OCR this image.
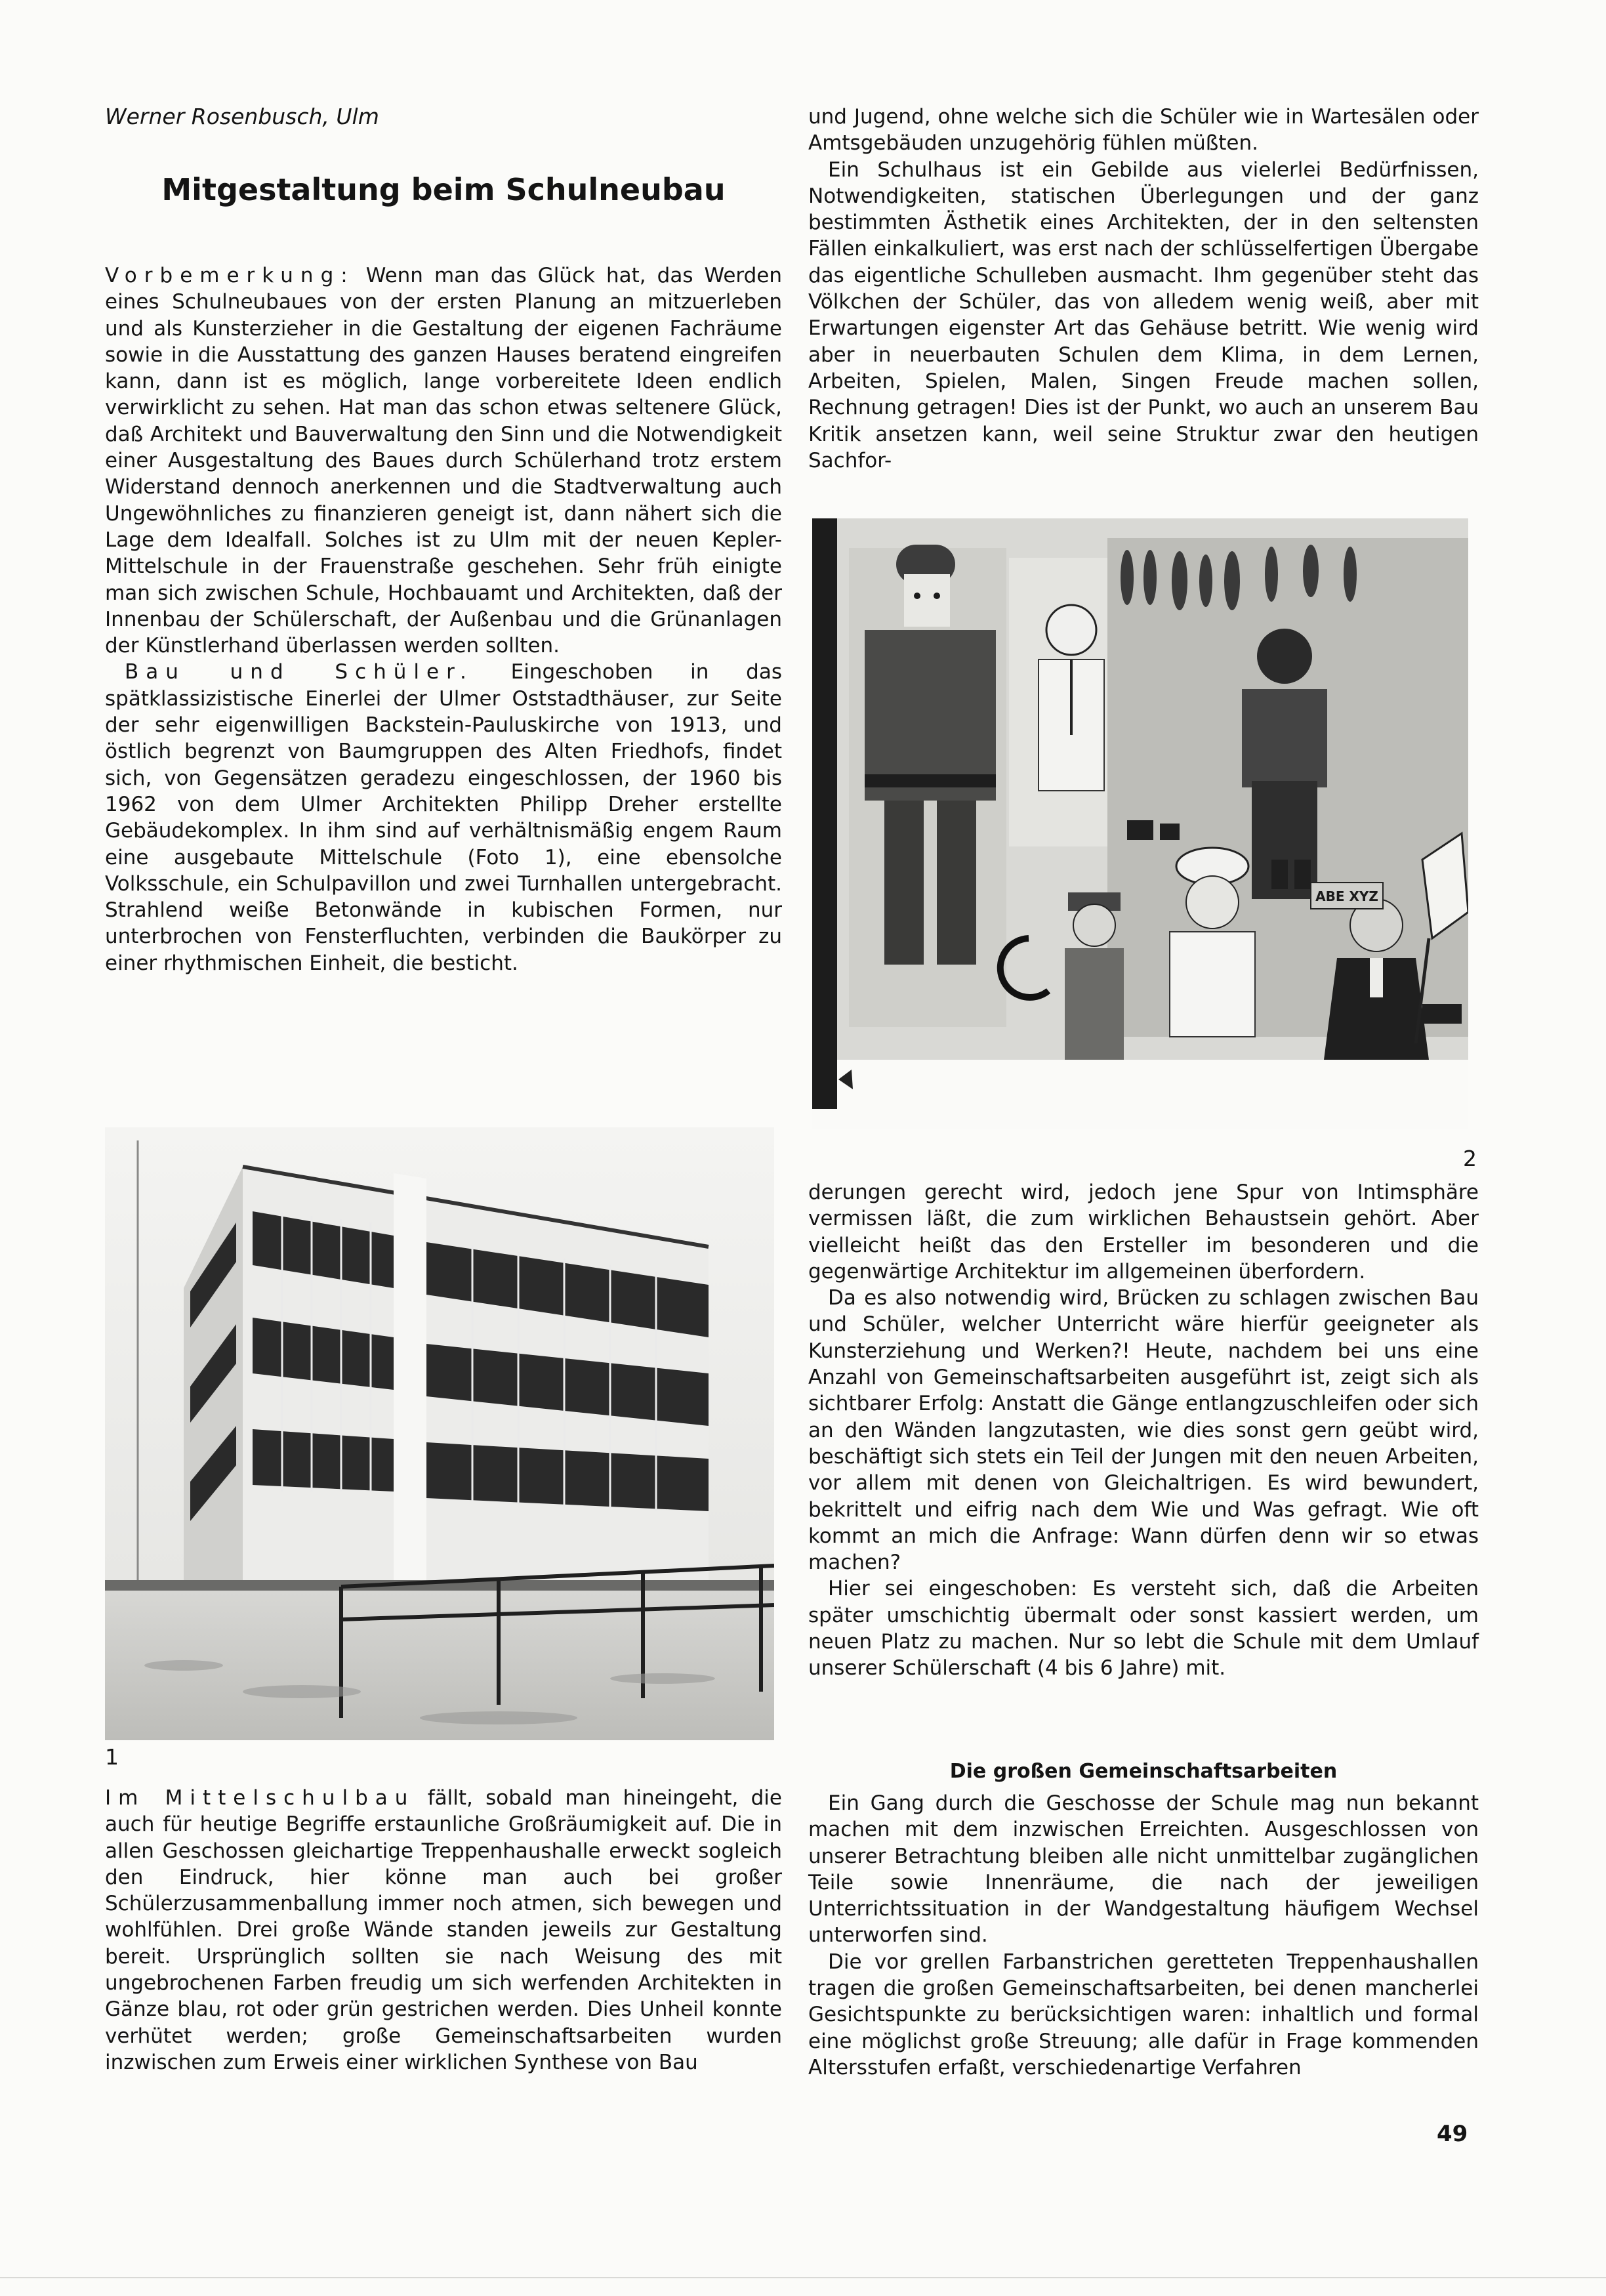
Werner Rosenbusch, Ulm
Mitgestaltung beim Schulneubau

Vorbemerkung: Wenn man das Glück hat, das Werden eines Schulneubaues von der ersten Planung an mitzuerleben und als Kunsterzieher in die Gestaltung der eigenen Fachräume sowie in die Ausstattung des ganzen Hauses beratend eingreifen kann, dann ist es möglich, lange vorbereitete Ideen endlich verwirklicht zu sehen. Hat man das schon etwas seltenere Glück, daß Architekt und Bauverwaltung den Sinn und die Notwendigkeit einer Ausgestaltung des Baues durch Schülerhand trotz erstem Widerstand dennoch anerkennen und die Stadtverwaltung auch Ungewöhnliches zu finanzieren geneigt ist, dann nähert sich die Lage dem Idealfall. Solches ist zu Ulm mit der neuen Kepler-Mittelschule in der Frauenstraße geschehen. Sehr früh einigte man sich zwischen Schule, Hochbauamt und Architekten, daß der Innenbau der Schülerschaft, der Außenbau und die Grünanlagen der Künstlerhand überlassen werden sollten.

Bau und Schüler. Eingeschoben in das spätklassizistische Einerlei der Ulmer Oststadthäuser, zur Seite der sehr eigenwilligen Backstein-Pauluskirche von 1913, und östlich begrenzt von Baumgruppen des Alten Friedhofs, findet sich, von Gegensätzen geradezu eingeschlossen, der 1960 bis 1962 von dem Ulmer Architekten Philipp Dreher erstellte Gebäudekomplex. In ihm sind auf verhältnismäßig engem Raum eine ausgebaute Mittelschule (Foto 1), eine ebensolche Volksschule, ein Schulpavillon und zwei Turnhallen untergebracht. Strahlend weiße Betonwände in kubischen Formen, nur unterbrochen von Fensterfluchten, verbinden die Baukörper zu einer rhythmischen Einheit, die besticht.

1

Im Mittelschulbau fällt, sobald man hineingeht, die auch für heutige Begriffe erstaunliche Großräumigkeit auf. Die in allen Geschossen gleichartige Treppenhaushalle erweckt sogleich den Eindruck, hier könne man auch bei großer Schülerzusammenballung immer noch atmen, sich bewegen und wohlfühlen. Drei große Wände standen jeweils zur Gestaltung bereit. Ursprünglich sollten sie nach Weisung des mit ungebrochenen Farben freudig um sich werfenden Architekten in Gänze blau, rot oder grün gestrichen werden. Dies Unheil konnte verhütet werden; große Gemeinschaftsarbeiten wurden inzwischen zum Erweis einer wirklichen Synthese von Bau

und Jugend, ohne welche sich die Schüler wie in Wartesälen oder Amtsgebäuden unzugehörig fühlen müßten.

Ein Schulhaus ist ein Gebilde aus vielerlei Bedürfnissen, Notwendigkeiten, statischen Überlegungen und der ganz bestimmten Ästhetik eines Architekten, der in den seltensten Fällen einkalkuliert, was erst nach der schlüsselfertigen Übergabe das eigentliche Schulleben ausmacht. Ihm gegenüber steht das Völkchen der Schüler, das von alledem wenig weiß, aber mit Erwartungen eigenster Art das Gehäuse betritt. Wie wenig wird aber in neuerbauten Schulen dem Klima, in dem Lernen, Arbeiten, Spielen, Malen, Singen Freude machen sollen, Rechnung getragen! Dies ist der Punkt, wo auch an unserem Bau Kritik ansetzen kann, weil seine Struktur zwar den heutigen Sachfor-

ABE XYZ
2

derungen gerecht wird, jedoch jene Spur von Intimsphäre vermissen läßt, die zum wirklichen Behaustsein gehört. Aber vielleicht heißt das den Ersteller im besonderen und die gegenwärtige Architektur im allgemeinen überfordern.

Da es also notwendig wird, Brücken zu schlagen zwischen Bau und Schüler, welcher Unterricht wäre hierfür geeigneter als Kunsterziehung und Werken?! Heute, nachdem bei uns eine Anzahl von Gemeinschaftsarbeiten ausgeführt ist, zeigt sich als sichtbarer Erfolg: Anstatt die Gänge entlangzuschleifen oder sich an den Wänden langzutasten, wie dies sonst gern geübt wird, beschäftigt sich stets ein Teil der Jungen mit den neuen Arbeiten, vor allem mit denen von Gleichaltrigen. Es wird bewundert, bekrittelt und eifrig nach dem Wie und Was gefragt. Wie oft kommt an mich die Anfrage: Wann dürfen denn wir so etwas machen?

Hier sei eingeschoben: Es versteht sich, daß die Arbeiten später umschichtig übermalt oder sonst kassiert werden, um neuen Platz zu machen. Nur so lebt die Schule mit dem Umlauf unserer Schülerschaft (4 bis 6 Jahre) mit.

Die großen Gemeinschaftsarbeiten

Ein Gang durch die Geschosse der Schule mag nun bekannt machen mit dem inzwischen Erreichten. Ausgeschlossen von unserer Betrachtung bleiben alle nicht unmittelbar zugänglichen Teile sowie Innenräume, die nach der jeweiligen Unterrichtssituation in der Wandgestaltung häufigem Wechsel unterworfen sind.

Die vor grellen Farbanstrichen geretteten Treppenhaushallen tragen die großen Gemeinschaftsarbeiten, bei denen mancherlei Gesichtspunkte zu berücksichtigen waren: inhaltlich und formal eine möglichst große Streuung; alle dafür in Frage kommenden Altersstufen erfaßt, verschiedenartige Verfahren

49
